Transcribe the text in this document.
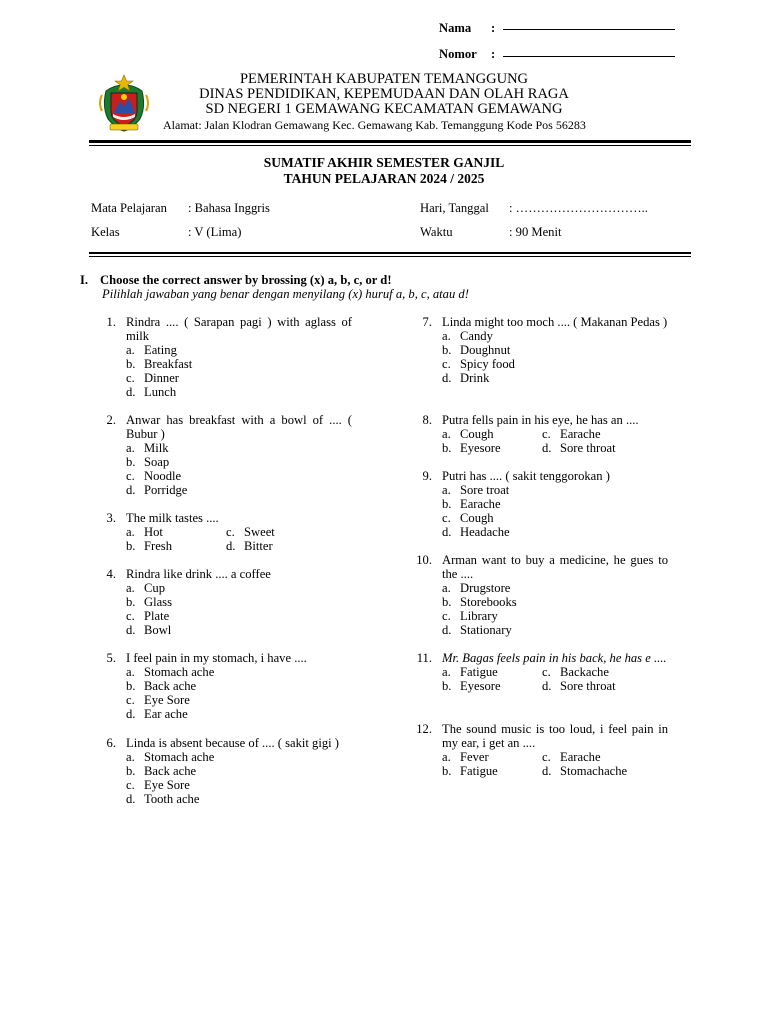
Nama :
Nomor :
PEMERINTAH KABUPATEN TEMANGGUNG
DINAS PENDIDIKAN, KEPEMUDAAN DAN OLAH RAGA
SD NEGERI 1 GEMAWANG KECAMATAN GEMAWANG
Alamat: Jalan Klodran Gemawang Kec. Gemawang Kab. Temanggung Kode Pos 56283
SUMATIF AKHIR SEMESTER GANJIL
TAHUN PELAJARAN 2024 / 2025
Mata Pelajaran : Bahasa Inggris	Hari, Tanggal : …………………………..
Kelas	: V (Lima)	Waktu	: 90 Menit
I. Choose the correct answer by brossing (x) a, b, c, or d!
Pilihlah jawaban yang benar dengan menyilang (x) huruf a, b, c, atau d!
1. Rindra .... ( Sarapan pagi ) with aglass of milk
a. Eating
b. Breakfast
c. Dinner
d. Lunch
2. Anwar has breakfast with a bowl of .... ( Bubur )
a. Milk
b. Soap
c. Noodle
d. Porridge
3. The milk tastes ....
a. Hot	c. Sweet
b. Fresh	d. Bitter
4. Rindra like drink .... a coffee
a. Cup
b. Glass
c. Plate
d. Bowl
5. I feel pain in my stomach, i have ....
a. Stomach ache
b. Back ache
c. Eye Sore
d. Ear ache
6. Linda is absent because of .... ( sakit gigi )
a. Stomach ache
b. Back ache
c. Eye Sore
d. Tooth ache
7. Linda might too moch .... ( Makanan Pedas )
a. Candy
b. Doughnut
c. Spicy food
d. Drink
8. Putra fells pain in his eye, he has an ....
a. Cough	c. Earache
b. Eyesore	d. Sore throat
9. Putri has .... ( sakit tenggorokan )
a. Sore troat
b. Earache
c. Cough
d. Headache
10. Arman want to buy a medicine, he gues to the ....
a. Drugstore
b. Storebooks
c. Library
d. Stationary
11. Mr. Bagas feels pain in his back, he has e ....
a. Fatigue	c. Backache
b. Eyesore	d. Sore throat
12. The sound music is too loud, i feel pain in my ear, i get an ....
a. Fever	c. Earache
b. Fatigue	d. Stomachache
